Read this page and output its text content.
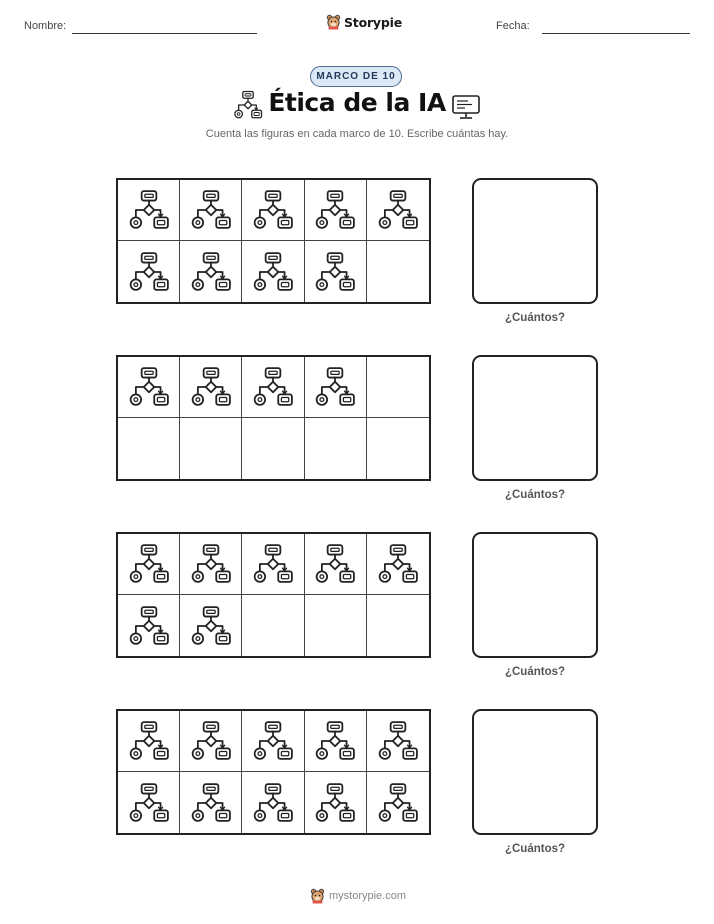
Nombre:	Storypie	Fecha:
MARCO DE 10
Ética de la IA
Cuenta las figuras en cada marco de 10. Escribe cuántas hay.
¿Cuántos?
¿Cuántos?
¿Cuántos?
¿Cuántos?
mystorypie.com
